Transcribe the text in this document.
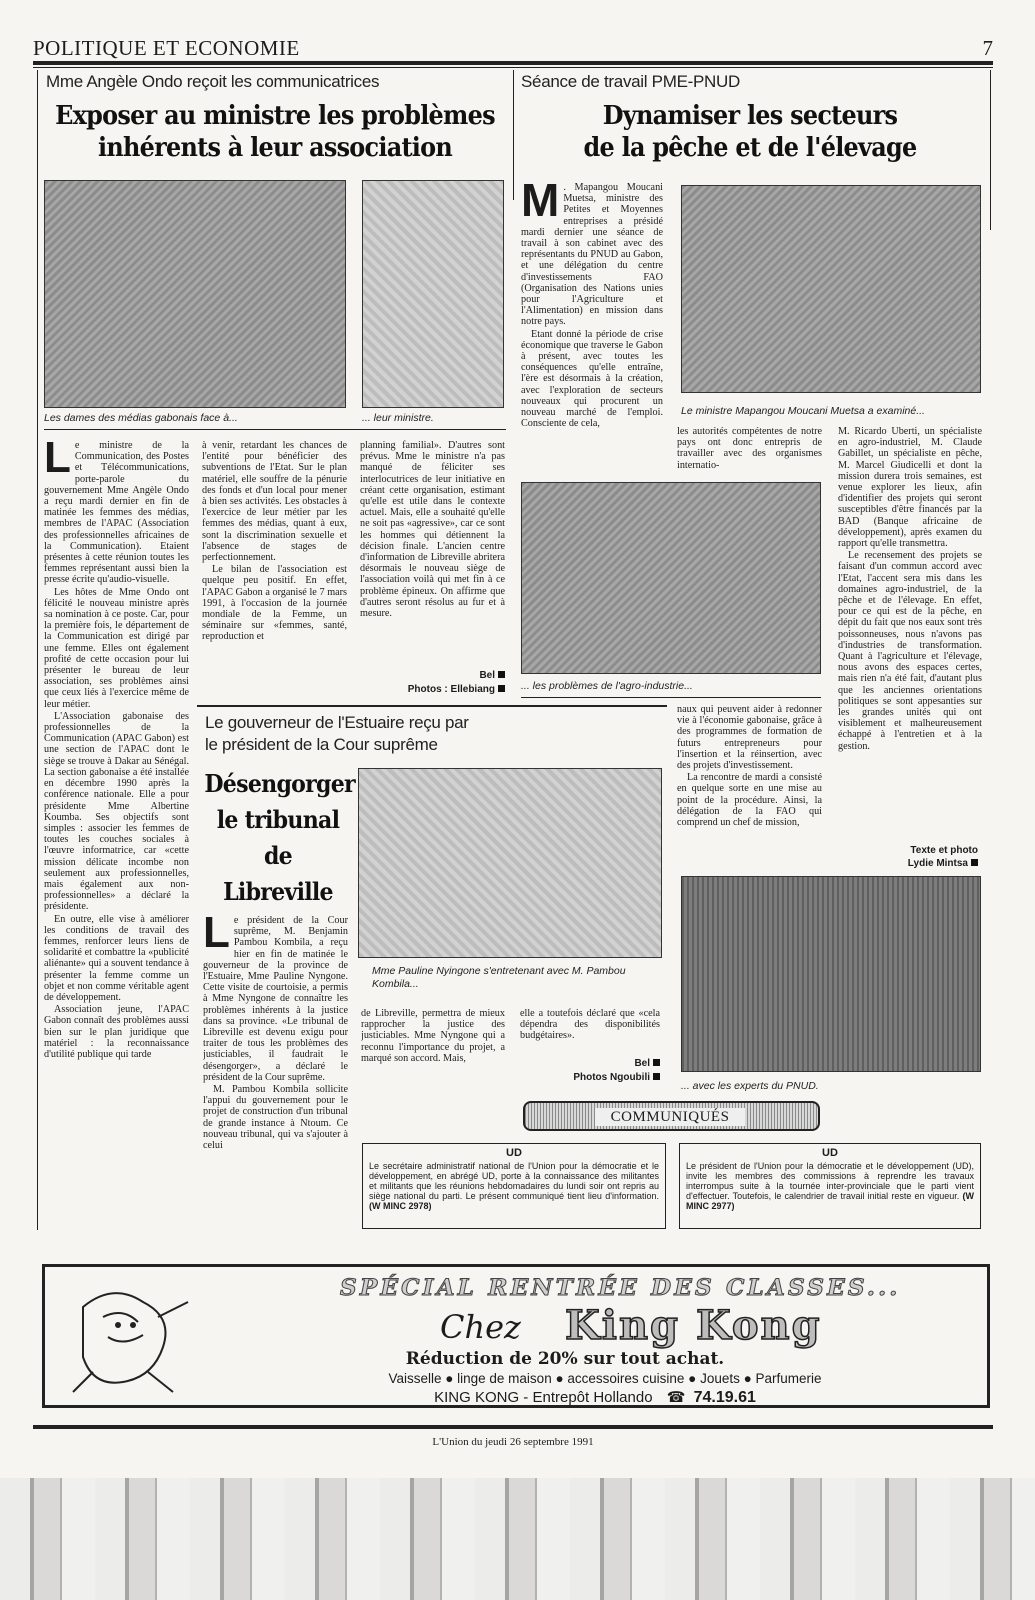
POLITIQUE ET ECONOMIE	7
Mme Angèle Ondo reçoit les communicatrices
Exposer au ministre les problèmes
inhérents à leur association
Les dames des médias gabonais face à...	... leur ministre.

Le ministre de la Communication, des Postes et Télécommunications, porte-parole du gouvernement Mme Angèle Ondo a reçu mardi dernier en fin de matinée les femmes des médias, membres de l'APAC (Association des professionnelles africaines de la Communication). Etaient présentes à cette réunion toutes les femmes représentant aussi bien la presse écrite qu'audio-visuelle.

Les hôtes de Mme Ondo ont félicité le nouveau ministre après sa nomination à ce poste. Car, pour la première fois, le département de la Communication est dirigé par une femme. Elles ont également profité de cette occasion pour lui présenter le bureau de leur association, ses problèmes ainsi que ceux liés à l'exercice même de leur métier.

L'Association gabonaise des professionnelles de la Communication (APAC Gabon) est une section de l'APAC dont le siège se trouve à Dakar au Sénégal. La section gabonaise a été installée en décembre 1990 après la conférence nationale. Elle a pour présidente Mme Albertine Koumba. Ses objectifs sont simples : associer les femmes de toutes les couches sociales à l'œuvre informatrice, car «cette mission délicate incombe non seulement aux professionnelles, mais également aux non-professionnelles» a déclaré la présidente.

En outre, elle vise à améliorer les conditions de travail des femmes, renforcer leurs liens de solidarité et combattre la «publicité aliénante» qui a souvent tendance à présenter la femme comme un objet et non comme véritable agent de développement.

Association jeune, l'APAC Gabon connaît des problèmes aussi bien sur le plan juridique que matériel : la reconnaissance d'utilité publique qui tarde

à venir, retardant les chances de l'entité pour bénéficier des subventions de l'Etat. Sur le plan matériel, elle souffre de la pénurie des fonds et d'un local pour mener à bien ses activités. Les obstacles à l'exercice de leur métier par les femmes des médias, quant à eux, sont la discrimination sexuelle et l'absence de stages de perfectionnement.

Le bilan de l'association est quelque peu positif. En effet, l'APAC Gabon a organisé le 7 mars 1991, à l'occasion de la journée mondiale de la Femme, un séminaire sur «femmes, santé, reproduction et

planning familial». D'autres sont prévus. Mme le ministre n'a pas manqué de féliciter ses interlocutrices de leur initiative en créant cette organisation, estimant qu'elle est utile dans le contexte actuel. Mais, elle a souhaité qu'elle ne soit pas «agressive», car ce sont les hommes qui détiennent la décision finale. L'ancien centre d'information de Libreville abritera désormais le nouveau siège de l'association voilà qui met fin à ce problème épineux. On affirme que d'autres seront résolus au fur et à mesure.

Bel
Photos : Ellebiang
Séance de travail PME-PNUD
Dynamiser les secteurs
de la pêche et de l'élevage

M . Mapangou Moucani Muetsa, ministre des Petites et Moyennes entreprises a présidé mardi dernier une séance de travail à son cabinet avec des représentants du PNUD au Gabon, et une délégation du centre d'investissements FAO (Organisation des Nations unies pour l'Agriculture et l'Alimentation) en mission dans notre pays.

Etant donné la période de crise économique que traverse le Gabon à présent, avec toutes les conséquences qu'elle entraîne, l'ère est désormais à la création, avec l'exploration de secteurs nouveaux qui procurent un nouveau marché de l'emploi. Consciente de cela,

Le ministre Mapangou Moucani Muetsa a examiné...

les autorités compétentes de notre pays ont donc entrepris de travailler avec des organismes internatio-

... les problèmes de l'agro-industrie...

naux qui peuvent aider à redonner vie à l'économie gabonaise, grâce à des programmes de formation de futurs entrepreneurs pour l'insertion et la réinsertion, avec des projets d'investissement.

La rencontre de mardi a consisté en quelque sorte en une mise au point de la procédure. Ainsi, la délégation de la FAO qui comprend un chef de mission,

M. Ricardo Uberti, un spécialiste en agro-industriel, M. Claude Gabillet, un spécialiste en pêche, M. Marcel Giudicelli et dont la mission durera trois semaines, est venue explorer les lieux, afin d'identifier des projets qui seront susceptibles d'être financés par la BAD (Banque africaine de développement), après examen du rapport qu'elle transmettra.

Le recensement des projets se faisant d'un commun accord avec l'Etat, l'accent sera mis dans les domaines agro-industriel, de la pêche et de l'élevage. En effet, pour ce qui est de la pêche, en dépit du fait que nos eaux sont très poissonneuses, nous n'avons pas d'industries de transformation. Quant à l'agriculture et l'élevage, nous avons des espaces certes, mais rien n'a été fait, d'autant plus que les anciennes orientations politiques se sont appesanties sur les grandes unités qui ont visiblement et malheureusement échappé à l'entretien et à la gestion.

Texte et photo
Lydie Mintsa
... avec les experts du PNUD.
Le gouverneur de l'Estuaire reçu par
le président de la Cour suprême
Désengorger
le tribunal
de
Libreville
Mme Pauline Nyingone s'entretenant avec M. Pambou Kombila...

Le président de la Cour suprême, M. Benjamin Pambou Kombila, a reçu hier en fin de matinée le gouverneur de la province de l'Estuaire, Mme Pauline Nyngone. Cette visite de courtoisie, a permis à Mme Nyngone de connaître les problèmes inhérents à la justice dans sa province. «Le tribunal de Libreville est devenu exigu pour traiter de tous les problèmes des justiciables, il faudrait le désengorger», a déclaré le président de la Cour suprême.

M. Pambou Kombila sollicite l'appui du gouvernement pour le projet de construction d'un tribunal de grande instance à Ntoum. Ce nouveau tribunal, qui va s'ajouter à celui

de Libreville, permettra de mieux rapprocher la justice des justiciables. Mme Nyngone qui a reconnu l'importance du projet, a marqué son accord. Mais,

elle a toutefois déclaré que «cela dépendra des disponibilités budgétaires».

Bel
Photos Ngoubili
COMMUNIQUÉS
UD
Le secrétaire administratif national de l'Union pour la démocratie et le développement, en abrégé UD, porte à la connaissance des militantes et militants que les réunions hebdomadaires du lundi soir ont repris au siège national du parti. Le présent communiqué tient lieu d'information. (W MINC 2978)
UD
Le président de l'Union pour la démocratie et le développement (UD), invite les membres des commissions à reprendre les travaux interrompus suite à la tournée inter-provinciale que le parti vient d'effectuer. Toutefois, le calendrier de travail initial reste en vigueur. (W MINC 2977)
SPÉCIAL RENTRÉE DES CLASSES...
Chez	King Kong
Réduction de 20% sur tout achat.
Vaisselle ● linge de maison ● accessoires cuisine ● Jouets ● Parfumerie
KING KONG - Entrepôt Hollando ☎ 74.19.61
L'Union du jeudi 26 septembre 1991
